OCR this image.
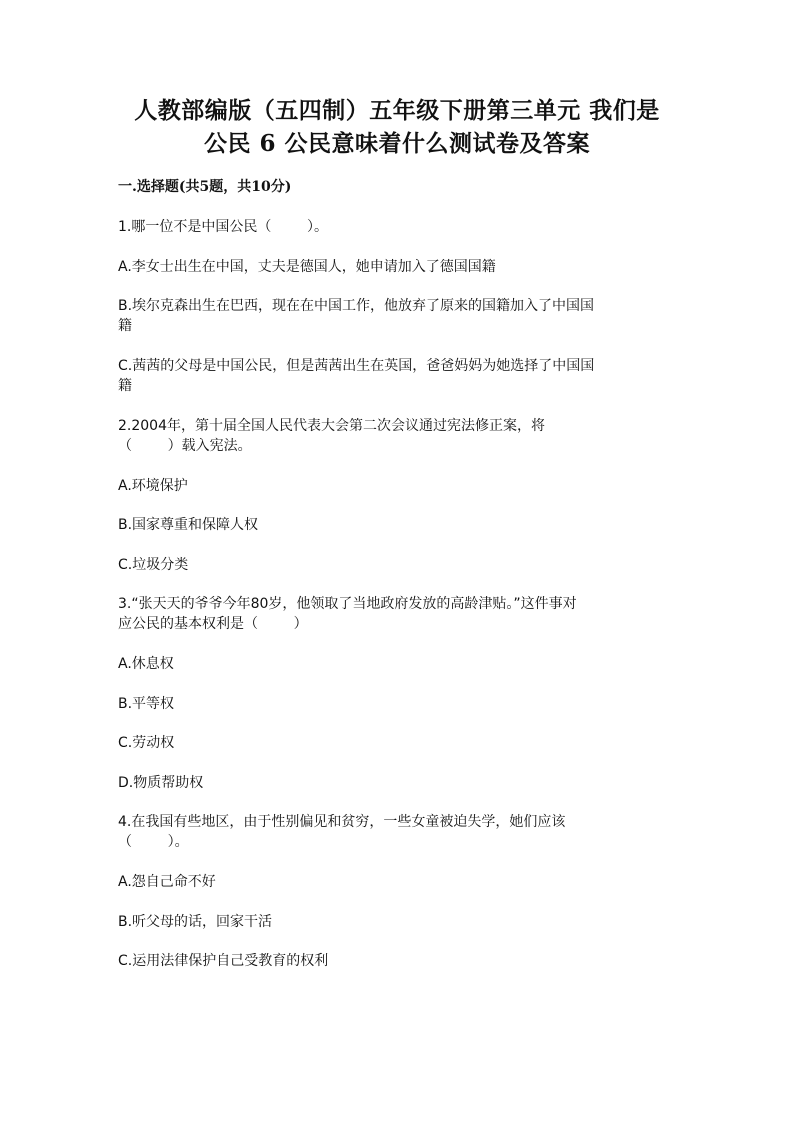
人教部编版（五四制）五年级下册第三单元 我们是
公民 6 公民意味着什么测试卷及答案
一.选择题(共5题，共10分)
1.哪一位不是中国公民（        ）。
A.李女士出生在中国，丈夫是德国人，她申请加入了德国国籍
B.埃尔克森出生在巴西，现在在中国工作，他放弃了原来的国籍加入了中国国
籍
C.茜茜的父母是中国公民，但是茜茜出生在英国，爸爸妈妈为她选择了中国国
籍
2.2004年，第十届全国人民代表大会第二次会议通过宪法修正案，将
（        ）载入宪法。
A.环境保护
B.国家尊重和保障人权
C.垃圾分类
3.“张天天的爷爷今年80岁，他领取了当地政府发放的高龄津贴。”这件事对
应公民的基本权利是（        ）
A.休息权
B.平等权
C.劳动权
D.物质帮助权
4.在我国有些地区，由于性别偏见和贫穷，一些女童被迫失学，她们应该
（        ）。
A.怨自己命不好
B.听父母的话，回家干活
C.运用法律保护自己受教育的权利
